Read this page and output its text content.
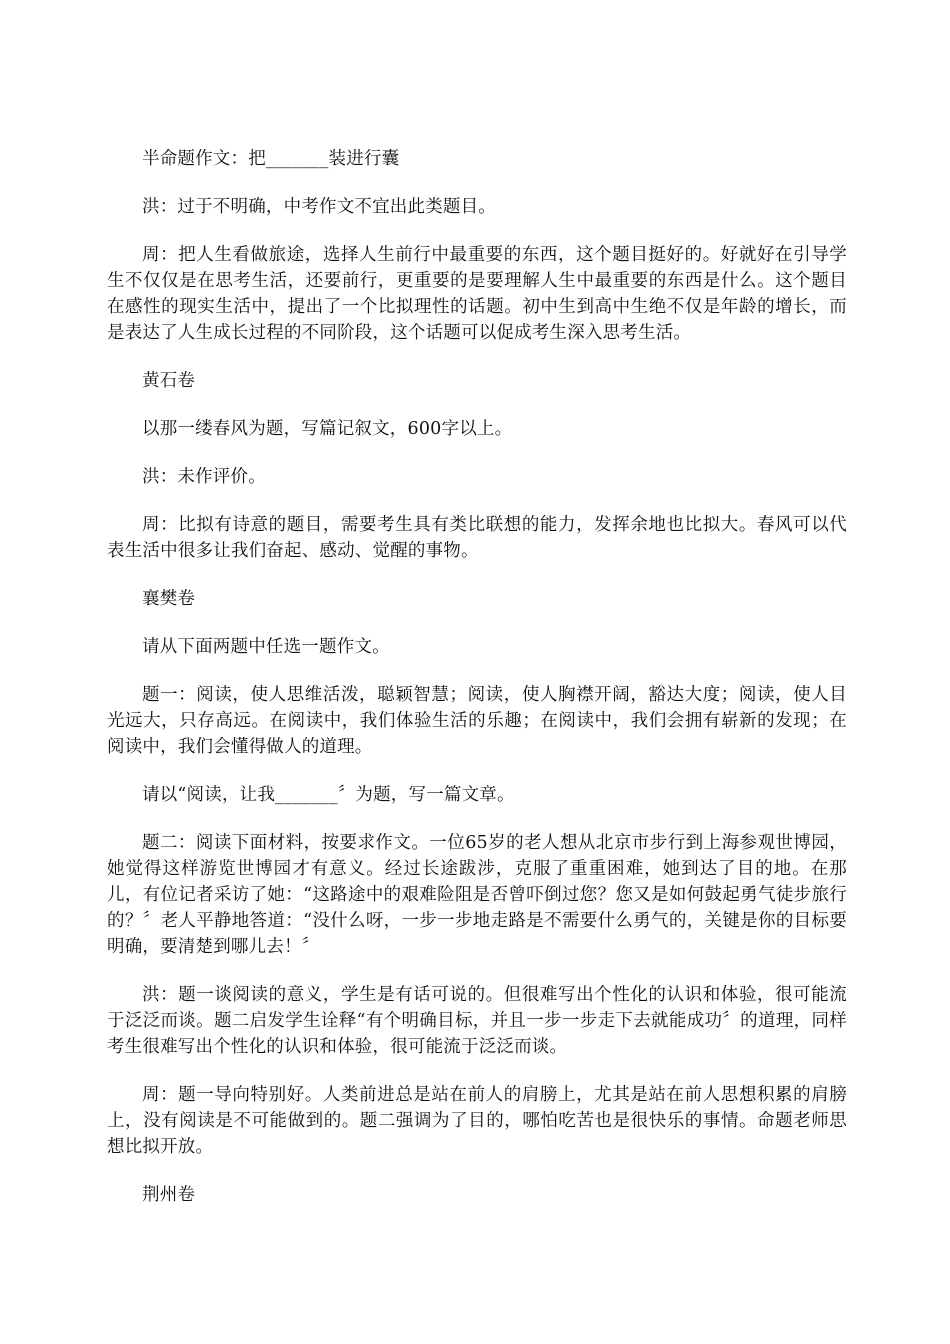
半命题作文：把_______装进行囊

洪：过于不明确，中考作文不宜出此类题目。

周：把人生看做旅途，选择人生前行中最重要的东西，这个题目挺好的。好就好在引导学生不仅仅是在思考生活，还要前行，更重要的是要理解人生中最重要的东西是什么。这个题目在感性的现实生活中，提出了一个比拟理性的话题。初中生到高中生绝不仅是年龄的增长，而是表达了人生成长过程的不同阶段，这个话题可以促成考生深入思考生活。

黄石卷

以那一缕春风为题，写篇记叙文，600字以上。

洪：未作评价。

周：比拟有诗意的题目，需要考生具有类比联想的能力，发挥余地也比拟大。春风可以代表生活中很多让我们奋起、感动、觉醒的事物。

襄樊卷

请从下面两题中任选一题作文。

题一：阅读，使人思维活泼，聪颖智慧；阅读，使人胸襟开阔，豁达大度；阅读，使人目光远大，只存高远。在阅读中，我们体验生活的乐趣；在阅读中，我们会拥有崭新的发现；在阅读中，我们会懂得做人的道理。

请以“阅读，让我_______〞为题，写一篇文章。

题二：阅读下面材料，按要求作文。一位65岁的老人想从北京市步行到上海参观世博园，她觉得这样游览世博园才有意义。经过长途跋涉，克服了重重困难，她到达了目的地。在那儿，有位记者采访了她：“这路途中的艰难险阻是否曾吓倒过您？您又是如何鼓起勇气徒步旅行的？〞老人平静地答道：“没什么呀，一步一步地走路是不需要什么勇气的，关键是你的目标要明确，要清楚到哪儿去！〞

洪：题一谈阅读的意义，学生是有话可说的。但很难写出个性化的认识和体验，很可能流于泛泛而谈。题二启发学生诠释“有个明确目标，并且一步一步走下去就能成功〞的道理，同样考生很难写出个性化的认识和体验，很可能流于泛泛而谈。

周：题一导向特别好。人类前进总是站在前人的肩膀上，尤其是站在前人思想积累的肩膀上，没有阅读是不可能做到的。题二强调为了目的，哪怕吃苦也是很快乐的事情。命题老师思想比拟开放。

荆州卷
